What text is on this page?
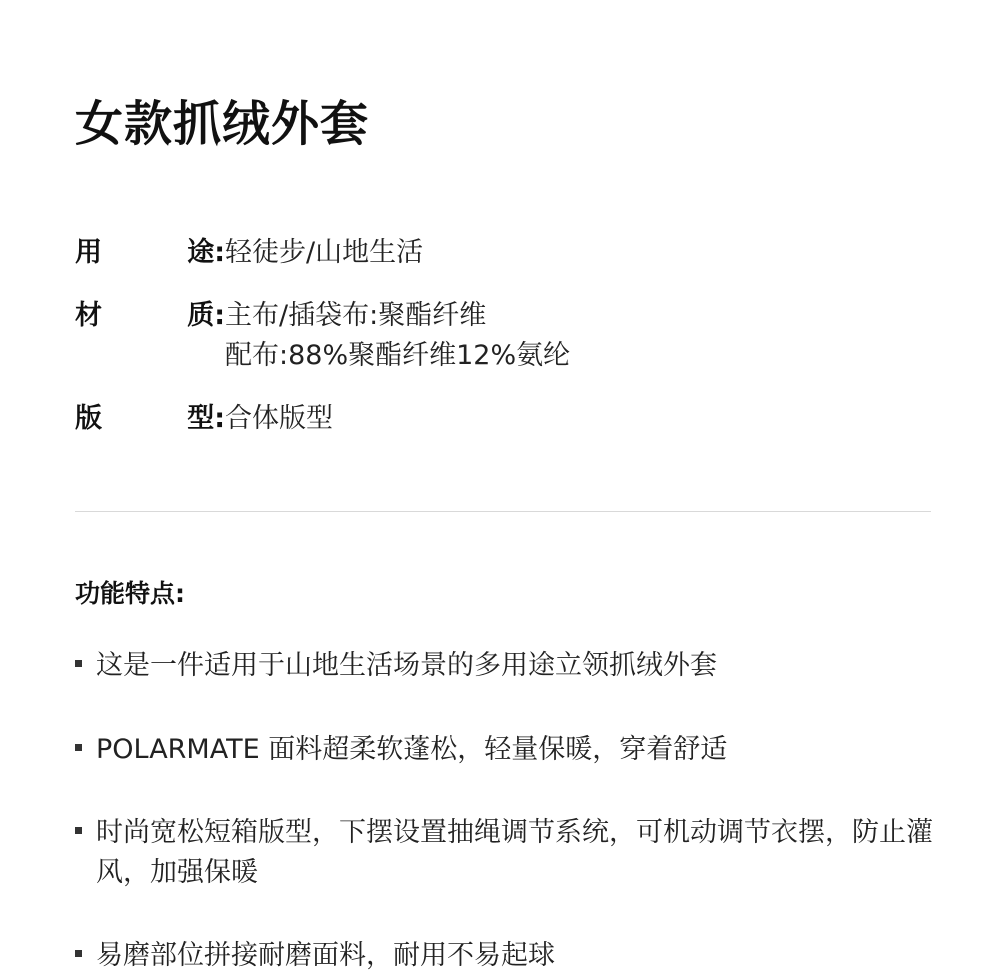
女款抓绒外套
用	途: 轻徒步/山地生活
材	质: 主布/插袋布:聚酯纤维
配布:88%聚酯纤维12%氨纶
版	型: 合体版型
功能特点:
这是一件适用于山地生活场景的多用途立领抓绒外套
POLARMATE 面料超柔软蓬松，轻量保暖，穿着舒适
时尚宽松短箱版型，下摆设置抽绳调节系统，可机动调节衣摆，防止灌风，加强保暖
易磨部位拼接耐磨面料，耐用不易起球
